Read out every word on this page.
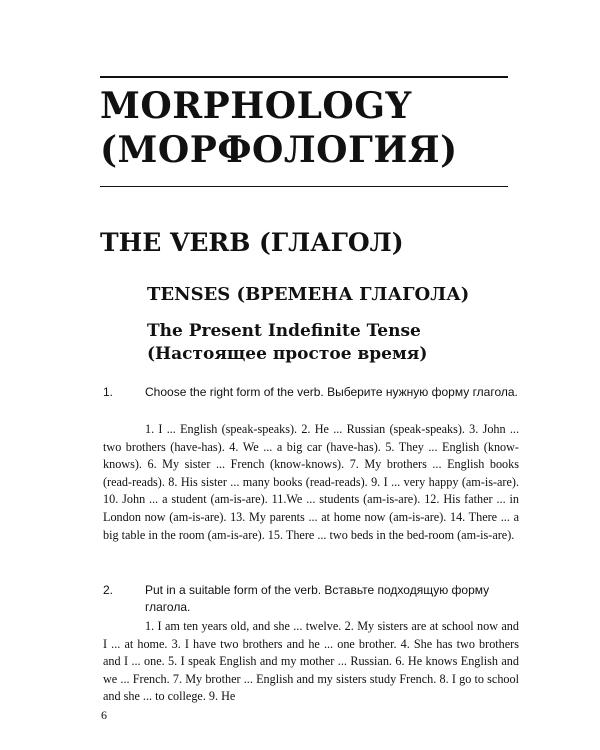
MORPHOLOGY
(МОРФОЛОГИЯ)
THE VERB (ГЛАГОЛ)
TENSES (ВРЕМЕНА ГЛАГОЛА)
The Present Indefinite Tense
(Настоящее простое время)
1.	Choose the right form of the verb. Выберите нужную форму глагола.

1. I ... English (speak-speaks). 2. He ... Russian (speak-speaks). 3. John ... two brothers (have-has). 4. We ... a big car (have-has). 5. They ... English (know-knows). 6. My sister ... French (know-knows). 7. My brothers ... English books (read-reads). 8. His sister ... many books (read-reads). 9. I ... very happy (am-is-are). 10. John ... a student (am-is-are). 11.We ... students (am-is-are). 12. His father ... in London now (am-is-are). 13. My parents ... at home now (am-is-are). 14. There ... a big table in the room (am-is-are). 15. There ... two beds in the bed-room (am-is-are).

2.	Put in a suitable form of the verb. Вставьте подходящую форму глагола.

1. I am ten years old, and she ... twelve. 2. My sisters are at school now and I ... at home. 3. I have two brothers and he ... one brother. 4. She has two brothers and I ... one. 5. I speak English and my mother ... Russian. 6. He knows English and we ... French. 7. My brother ... English and my sisters study French. 8. I go to school and she ... to college. 9. He

6
